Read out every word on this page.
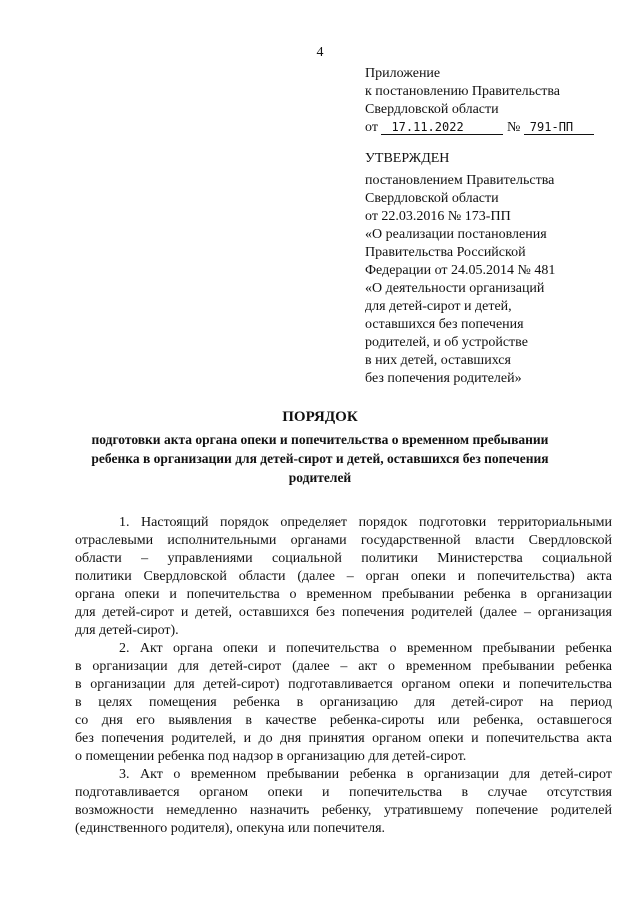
4
Приложение
к постановлению Правительства
Свердловской области
от 17.11.2022	№ 791-ПП
УТВЕРЖДЕН
постановлением Правительства
Свердловской области
от 22.03.2016 № 173-ПП
«О реализации постановления
Правительства Российской
Федерации от 24.05.2014 № 481
«О деятельности организаций
для детей-сирот и детей,
оставшихся без попечения
родителей, и об устройстве
в них детей, оставшихся
без попечения родителей»
ПОРЯДОК
подготовки акта органа опеки и попечительства о временном пребывании
ребенка в организации для детей-сирот и детей, оставшихся без попечения
родителей

1. Настоящий порядок определяет порядок подготовки территориальными

отраслевыми исполнительными органами государственной власти Свердловской

области – управлениями социальной политики Министерства социальной

политики Свердловской области (далее – орган опеки и попечительства) акта

органа опеки и попечительства о временном пребывании ребенка в организации

для детей-сирот и детей, оставшихся без попечения родителей (далее – организация

для детей-сирот).

2. Акт органа опеки и попечительства о временном пребывании ребенка

в организации для детей-сирот (далее – акт о временном пребывании ребенка

в организации для детей-сирот) подготавливается органом опеки и попечительства

в целях помещения ребенка в организацию для детей-сирот на период

со дня его выявления в качестве ребенка-сироты или ребенка, оставшегося

без попечения родителей, и до дня принятия органом опеки и попечительства акта

о помещении ребенка под надзор в организацию для детей-сирот.

3. Акт о временном пребывании ребенка в организации для детей-сирот

подготавливается органом опеки и попечительства в случае отсутствия

возможности немедленно назначить ребенку, утратившему попечение родителей

(единственного родителя), опекуна или попечителя.
